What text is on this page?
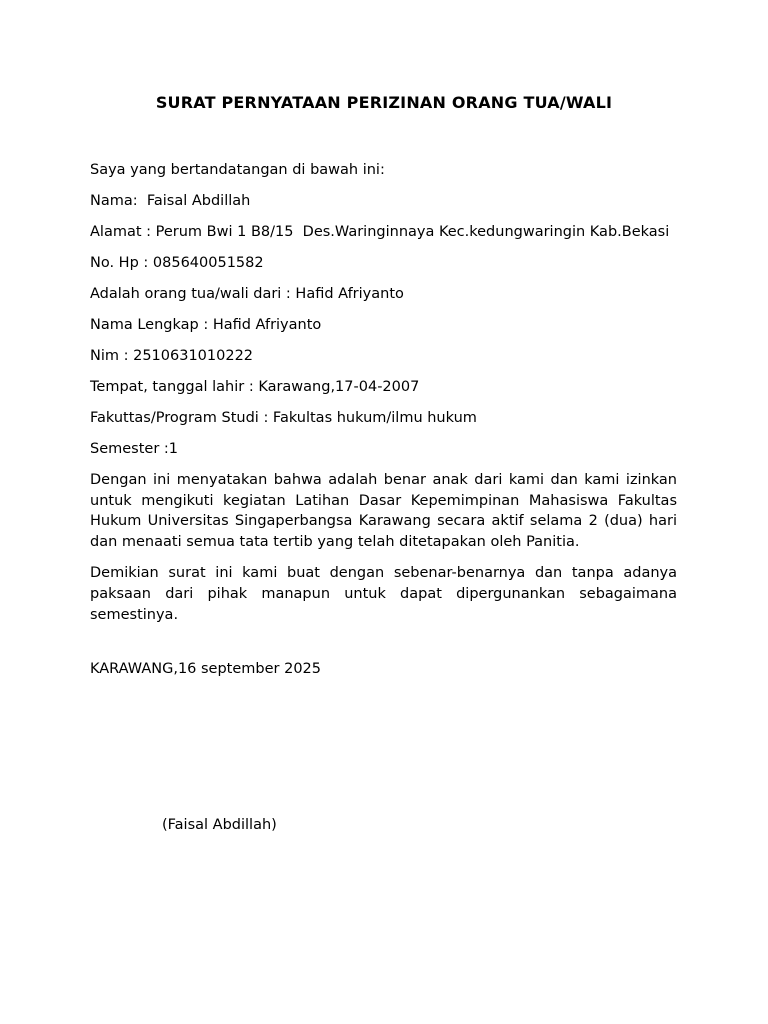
SURAT PERNYATAAN PERIZINAN ORANG TUA/WALI
Saya yang bertandatangan di bawah ini:
Nama:  Faisal Abdillah
Alamat : Perum Bwi 1 B8/15  Des.Waringinnaya Kec.kedungwaringin Kab.Bekasi
No. Hp : 085640051582
Adalah orang tua/wali dari : Hafid Afriyanto
Nama Lengkap : Hafid Afriyanto
Nim : 2510631010222
Tempat, tanggal lahir : Karawang,17-04-2007
Fakuttas/Program Studi : Fakultas hukum/ilmu hukum
Semester :1
Dengan ini menyatakan bahwa adalah benar anak dari kami dan kami izinkan untuk mengikuti kegiatan Latihan Dasar Kepemimpinan Mahasiswa Fakultas Hukum Universitas Singaperbangsa Karawang secara aktif selama 2 (dua) hari dan menaati semua tata tertib yang telah ditetapakan oleh Panitia.
Demikian surat ini kami buat dengan sebenar-benarnya dan tanpa adanya paksaan dari pihak manapun untuk dapat dipergunankan sebagaimana semestinya.
KARAWANG,16 september 2025
(Faisal Abdillah)
